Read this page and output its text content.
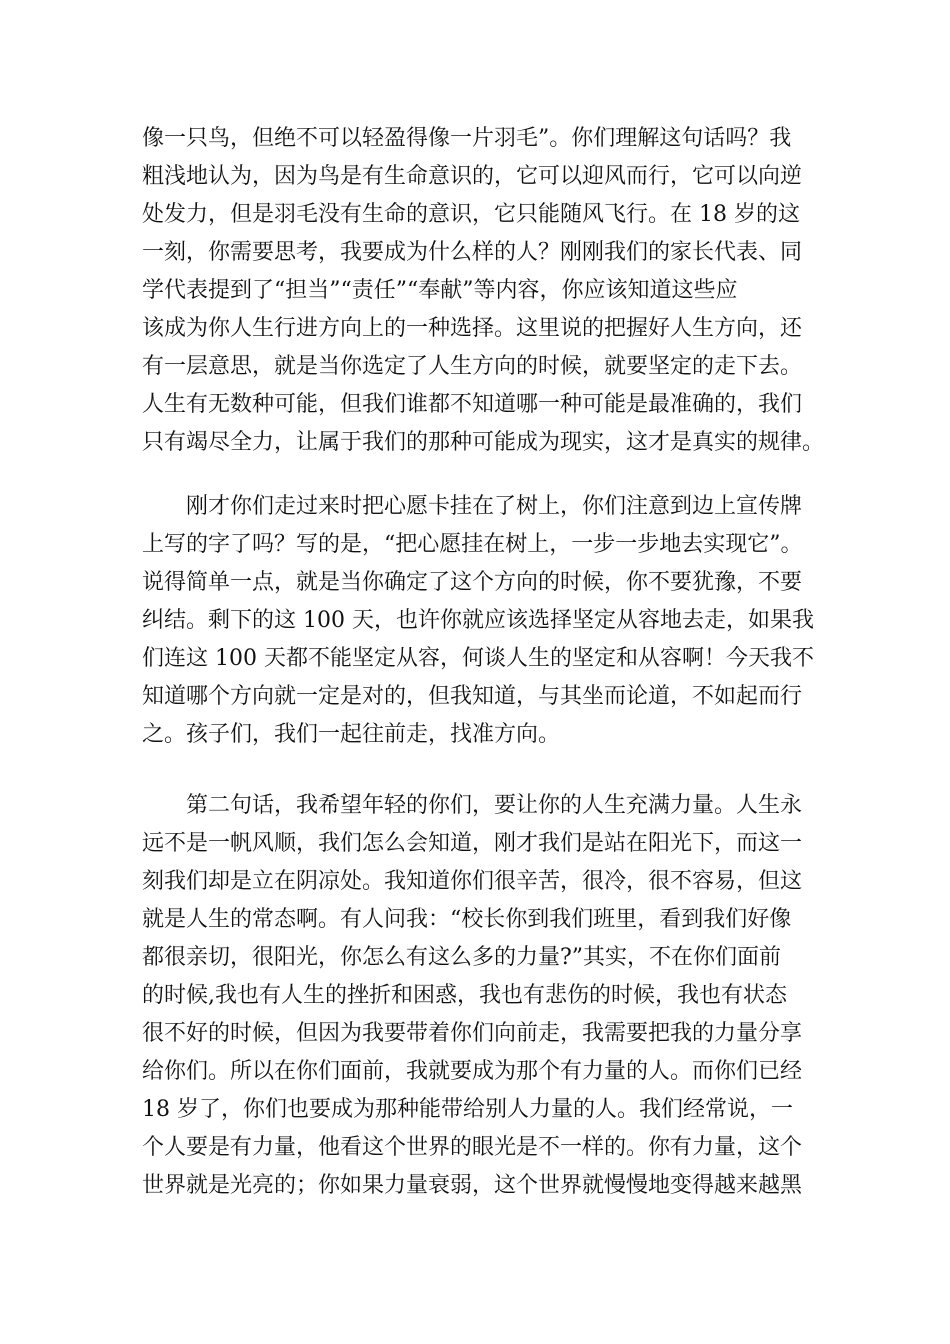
像一只鸟，但绝不可以轻盈得像一片羽毛”。你们理解这句话吗？我
粗浅地认为，因为鸟是有生命意识的，它可以迎风而行，它可以向逆
处发力，但是羽毛没有生命的意识，它只能随风飞行。在 18 岁的这
一刻，你需要思考，我要成为什么样的人？刚刚我们的家长代表、同
学代表提到了“担当”“责任”“奉献”等内容，你应该知道这些应
该成为你人生行进方向上的一种选择。这里说的把握好人生方向，还
有一层意思，就是当你选定了人生方向的时候，就要坚定的走下去。
人生有无数种可能，但我们谁都不知道哪一种可能是最准确的，我们
只有竭尽全力，让属于我们的那种可能成为现实，这才是真实的规律。
刚才你们走过来时把心愿卡挂在了树上，你们注意到边上宣传牌
上写的字了吗？写的是，“把心愿挂在树上，一步一步地去实现它”。
说得简单一点，就是当你确定了这个方向的时候，你不要犹豫，不要
纠结。剩下的这 100 天，也许你就应该选择坚定从容地去走，如果我
们连这 100 天都不能坚定从容，何谈人生的坚定和从容啊！今天我不
知道哪个方向就一定是对的，但我知道，与其坐而论道，不如起而行
之。孩子们，我们一起往前走，找准方向。
第二句话，我希望年轻的你们，要让你的人生充满力量。人生永
远不是一帆风顺，我们怎么会知道，刚才我们是站在阳光下，而这一
刻我们却是立在阴凉处。我知道你们很辛苦，很冷，很不容易，但这
就是人生的常态啊。有人问我：“校长你到我们班里，看到我们好像
都很亲切，很阳光，你怎么有这么多的力量?”其实，不在你们面前
的时候,我也有人生的挫折和困惑，我也有悲伤的时候，我也有状态
很不好的时候，但因为我要带着你们向前走，我需要把我的力量分享
给你们。所以在你们面前，我就要成为那个有力量的人。而你们已经
18 岁了，你们也要成为那种能带给别人力量的人。我们经常说，一
个人要是有力量，他看这个世界的眼光是不一样的。你有力量，这个
世界就是光亮的；你如果力量衰弱，这个世界就慢慢地变得越来越黑
